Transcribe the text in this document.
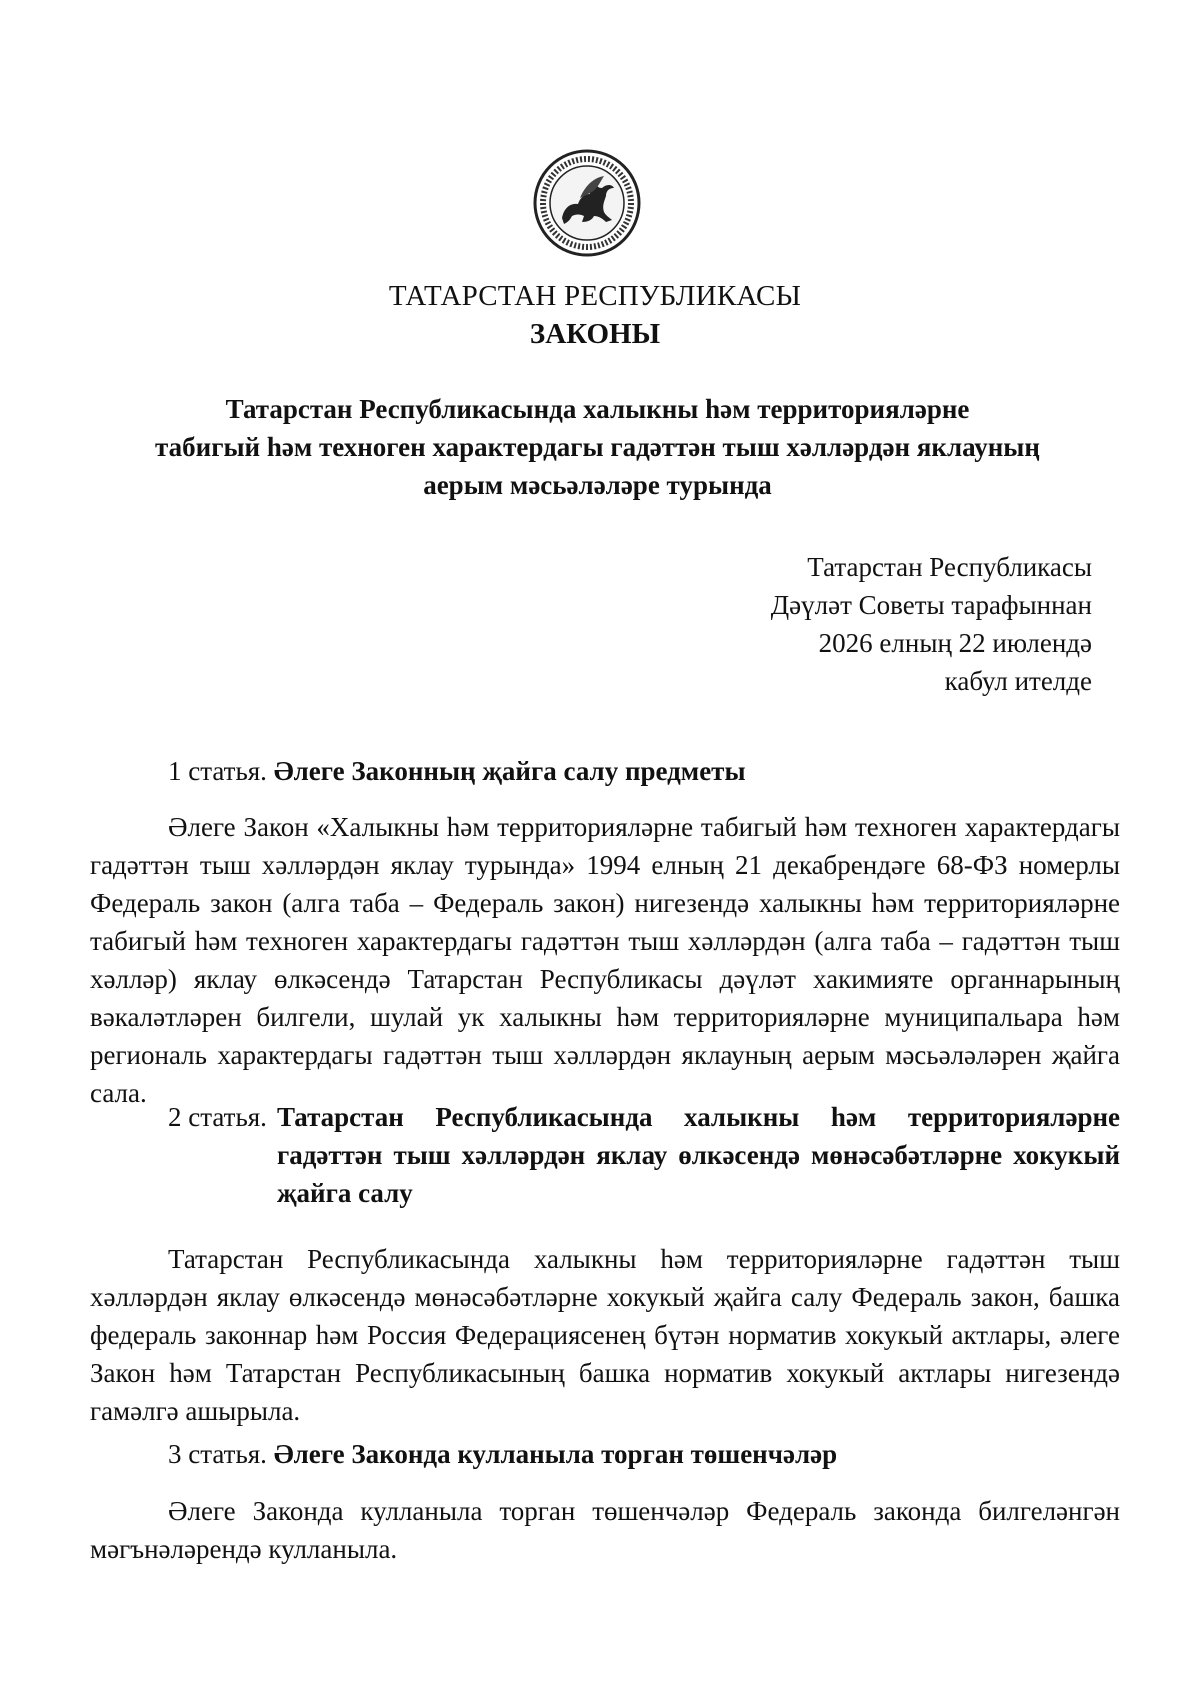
ТАТАРСТАН РЕСПУБЛИКАСЫ
ЗАКОНЫ
Татарстан Республикасында халыкны һәм территорияләрне
табигый һәм техноген характердагы гадәттән тыш хәлләрдән яклауның
аерым мәсьәләләре турында
Татарстан Республикасы
Дәүләт Советы тарафыннан
2026 елның 22 июлендә
кабул ителде
1 статья. Әлеге Законның җайга салу предметы

Әлеге Закон «Халыкны һәм территорияләрне табигый һәм техноген характердагы гадәттән тыш хәлләрдән яклау турында» 1994 елның 21 декабрендәге 68-ФЗ номерлы Федераль закон (алга таба – Федераль закон) нигезендә халыкны һәм территорияләрне табигый һәм техноген характердагы гадәттән тыш хәлләрдән (алга таба – гадәттән тыш хәлләр) яклау өлкәсендә Татарстан Республикасы дәүләт хакимияте органнарының вәкаләтләрен билгели, шулай ук халыкны һәм территорияләрне муниципальара һәм региональ характердагы гадәттән тыш хәлләрдән яклауның аерым мәсьәләләрен җайга сала.

2 статья. Татарстан Республикасында халыкны һәм территорияләрне гадәттән тыш хәлләрдән яклау өлкәсендә мөнәсәбәтләрне хокукый җайга салу

Татарстан Республикасында халыкны һәм территорияләрне гадәттән тыш хәлләрдән яклау өлкәсендә мөнәсәбәтләрне хокукый җайга салу Федераль закон, башка федераль законнар һәм Россия Федерациясенең бүтән норматив хокукый актлары, әлеге Закон һәм Татарстан Республикасының башка норматив хокукый актлары нигезендә гамәлгә ашырыла.

3 статья. Әлеге Законда кулланыла торган төшенчәләр

Әлеге Законда кулланыла торган төшенчәләр Федераль законда билгеләнгән мәгънәләрендә кулланыла.
